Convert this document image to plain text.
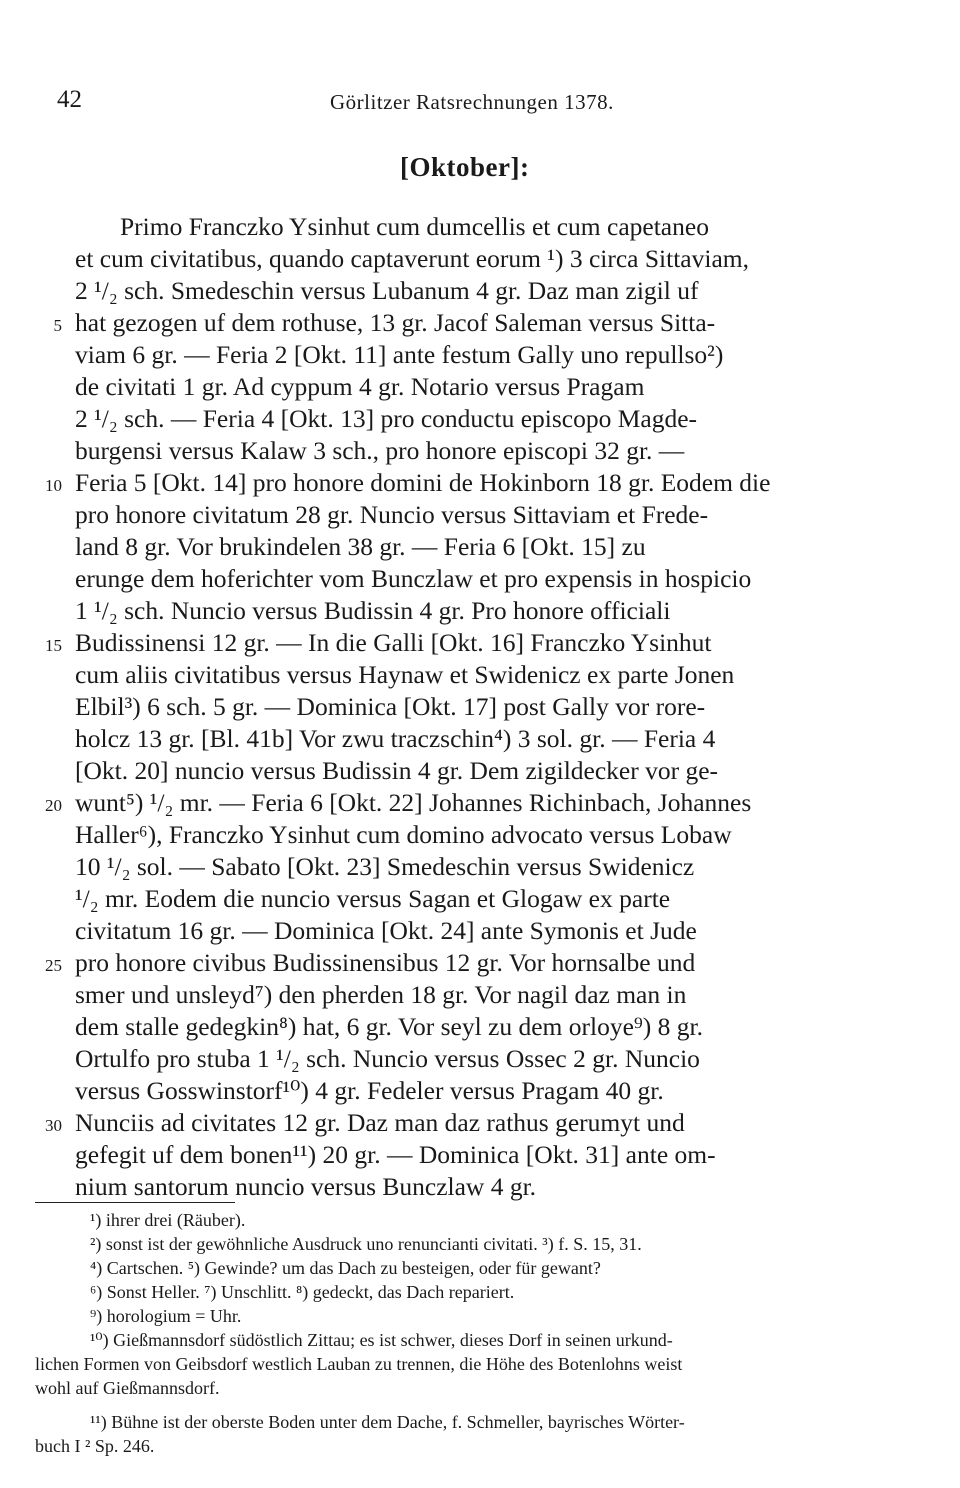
42	Görlitzer Ratsrechnungen 1378.
[Oktober]:
Primo Franczko Ysinhut cum dumcellis et cum capetaneo
et cum civitatibus, quando captaverunt eorum ¹) 3 circa Sittaviam,
2 ¹/₂ sch. Smedeschin versus Lubanum 4 gr. Daz man zigil uf
hat gezogen uf dem rothuse, 13 gr. Jacof Saleman versus Sitta-
viam 6 gr. — Feria 2 [Okt. 11] ante festum Gally uno repullso²)
de civitati 1 gr. Ad cyppum 4 gr. Notario versus Pragam
2 ¹/₂ sch. — Feria 4 [Okt. 13] pro conductu episcopo Magde-
burgensi versus Kalaw 3 sch., pro honore episcopi 32 gr. —
Feria 5 [Okt. 14] pro honore domini de Hokinborn 18 gr. Eodem die
pro honore civitatum 28 gr. Nuncio versus Sittaviam et Frede-
land 8 gr. Vor brukindelen 38 gr. — Feria 6 [Okt. 15] zu
erunge dem hoferichter vom Bunczlaw et pro expensis in hospicio
1 ¹/₂ sch. Nuncio versus Budissin 4 gr. Pro honore officiali
Budissinensi 12 gr. — In die Galli [Okt. 16] Franczko Ysinhut
cum aliis civitatibus versus Haynaw et Swidenicz ex parte Jonen
Elbil³) 6 sch. 5 gr. — Dominica [Okt. 17] post Gally vor rore-
holcz 13 gr. [Bl. 41b] Vor zwu traczschin⁴) 3 sol. gr. — Feria 4
[Okt. 20] nuncio versus Budissin 4 gr. Dem zigildecker vor ge-
wunt⁵) ¹/₂ mr. — Feria 6 [Okt. 22] Johannes Richinbach, Johannes
Haller⁶), Franczko Ysinhut cum domino advocato versus Lobaw
10 ¹/₂ sol. — Sabato [Okt. 23] Smedeschin versus Swidenicz
¹/₂ mr. Eodem die nuncio versus Sagan et Glogaw ex parte
civitatum 16 gr. — Dominica [Okt. 24] ante Symonis et Jude
pro honore civibus Budissinensibus 12 gr. Vor hornsalbe und
smer und unsleyd⁷) den pherden 18 gr. Vor nagil daz man in
dem stalle gedegkin⁸) hat, 6 gr. Vor seyl zu dem orloye⁹) 8 gr.
Ortulfo pro stuba 1 ¹/₂ sch. Nuncio versus Ossec 2 gr. Nuncio
versus Gosswinstorf¹⁰) 4 gr. Fedeler versus Pragam 40 gr.
Nunciis ad civitates 12 gr. Daz man daz rathus gerumyt und
gefegit uf dem bonen¹¹) 20 gr. — Dominica [Okt. 31] ante om-
nium santorum nuncio versus Bunczlaw 4 gr.
5
10
15
20
25
30
¹) ihrer drei (Räuber).
²) sonst ist der gewöhnliche Ausdruck uno renuncianti civitati. ³) f. S. 15, 31.
⁴) Cartschen. ⁵) Gewinde? um das Dach zu besteigen, oder für gewant?
⁶) Sonst Heller. ⁷) Unschlitt. ⁸) gedeckt, das Dach repariert.
⁹) horologium = Uhr.
¹⁰) Gießmannsdorf südöstlich Zittau; es ist schwer, dieses Dorf in seinen urkund-
lichen Formen von Geibsdorf westlich Lauban zu trennen, die Höhe des Botenlohns weist
wohl auf Gießmannsdorf.
¹¹) Bühne ist der oberste Boden unter dem Dache, f. Schmeller, bayrisches Wörter-
buch I ² Sp. 246.
